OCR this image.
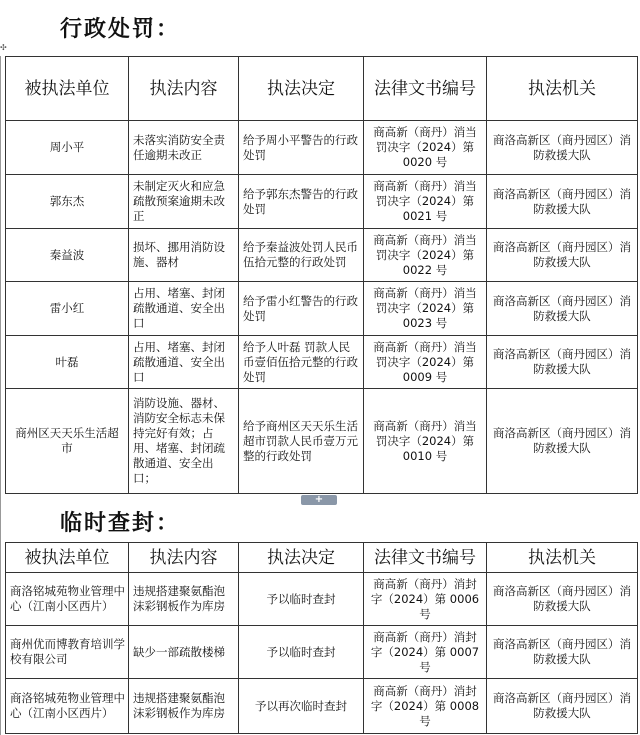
✣
行政处罚：
被执法单位	执法内容	执法决定	法律文书编号	执法机关
周小平	未落实消防安全责任逾期未改正	给予周小平警告的行政处罚	商高新（商丹）消当罚决字（2024）第 0020 号	商洛高新区（商丹园区）消防救援大队
郭东杰	未制定灭火和应急疏散预案逾期未改正	给予郭东杰警告的行政处罚	商高新（商丹）消当罚决字（2024）第 0021 号	商洛高新区（商丹园区）消防救援大队
秦益波	损坏、挪用消防设施、器材	给予秦益波处罚人民币伍拾元整的行政处罚	商高新（商丹）消当罚决字（2024）第 0022 号	商洛高新区（商丹园区）消防救援大队
雷小红	占用、堵塞、封闭疏散通道、安全出口	给予雷小红警告的行政处罚	商高新（商丹）消当罚决字（2024）第 0023 号	商洛高新区（商丹园区）消防救援大队
叶磊	占用、堵塞、封闭疏散通道、安全出口	给予人叶磊 罚款人民币壹佰伍拾元整的行政处罚	商高新（商丹）消当罚决字（2024）第 0009 号	商洛高新区（商丹园区）消防救援大队
商州区天天乐生活超市	消防设施、器材、消防安全标志未保持完好有效；占用、堵塞、封闭疏散通道、安全出口；	给予商州区天天乐生活超市罚款人民币壹万元整的行政处罚	商高新（商丹）消当罚决字（2024）第 0010 号	商洛高新区（商丹园区）消防救援大队
+
临时查封：
被执法单位	执法内容	执法决定	法律文书编号	执法机关
商洛铭城苑物业管理中心（江南小区西片）	违规搭建聚氨酯泡沫彩钢板作为库房	予以临时查封	商高新（商丹）消封字（2024）第 0006 号	商洛高新区（商丹园区）消防救援大队
商州优而博教育培训学校有限公司	缺少一部疏散楼梯	予以临时查封	商高新（商丹）消封字（2024）第 0007 号	商洛高新区（商丹园区）消防救援大队
商洛铭城苑物业管理中心（江南小区西片）	违规搭建聚氨酯泡沫彩钢板作为库房	予以再次临时查封	商高新（商丹）消封字（2024）第 0008 号	商洛高新区（商丹园区）消防救援大队
